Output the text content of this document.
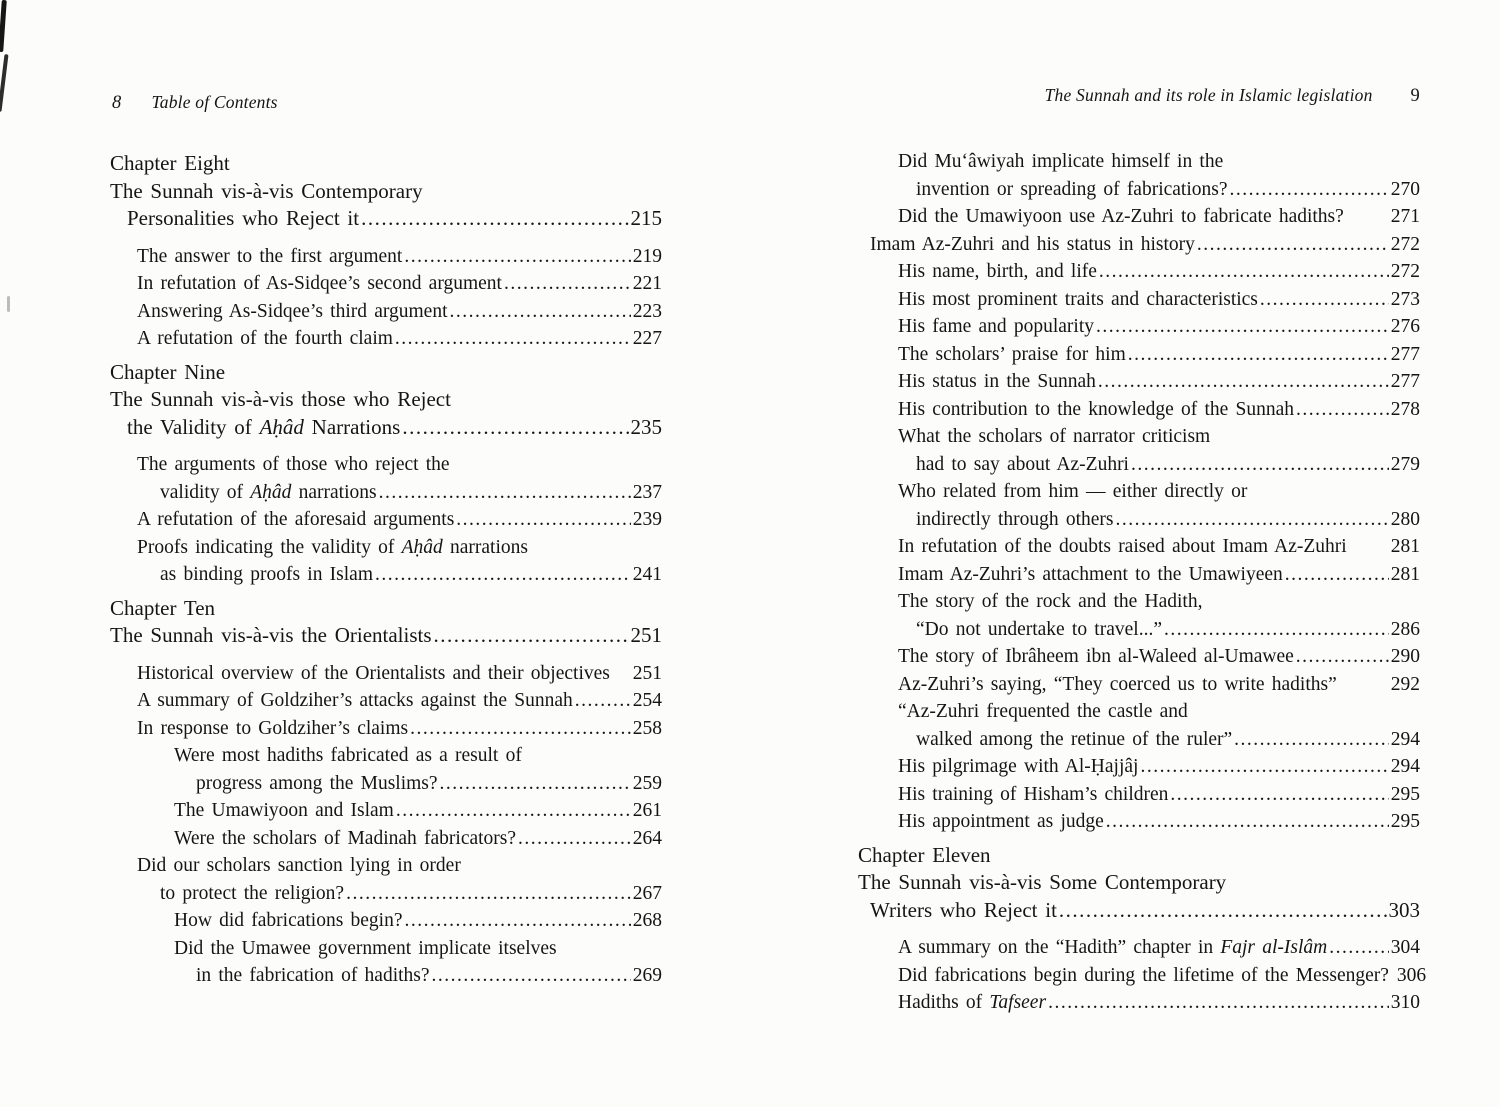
8 Table of Contents	The Sunnah and its role in Islamic legislation 9
Chapter Eight
The Sunnah vis-à-vis Contemporary
Personalities who Reject it .....	215
The answer to the first argument .....	219
In refutation of As-Sidqee’s second argument .....	221
Answering As-Sidqee’s third argument .....	223
A refutation of the fourth claim .....	227
Chapter Nine
The Sunnah vis-à-vis those who Reject
the Validity of Aḥâd Narrations .....	235
The arguments of those who reject the
validity of Aḥâd narrations .....	237
A refutation of the aforesaid arguments .....	239
Proofs indicating the validity of Aḥâd narrations
as binding proofs in Islam .....	241
Chapter Ten
The Sunnah vis-à-vis the Orientalists .....	251
Historical overview of the Orientalists and their objectives 251
A summary of Goldziher’s attacks against the Sunnah .....	254
In response to Goldziher’s claims .....	258
Were most hadiths fabricated as a result of
progress among the Muslims? .....	259
The Umawiyoon and Islam .....	261
Were the scholars of Madinah fabricators? .....	264
Did our scholars sanction lying in order
to protect the religion? .....	267
How did fabrications begin? .....	268
Did the Umawee government implicate itselves
in the fabrication of hadiths? .....	269
Did Mu‘âwiyah implicate himself in the
invention or spreading of fabrications? .....	270
Did the Umawiyoon use Az-Zuhri to fabricate hadiths? 271
Imam Az-Zuhri and his status in history .....	272
His name, birth, and life .....	272
His most prominent traits and characteristics .....	273
His fame and popularity .....	276
The scholars’ praise for him .....	277
His status in the Sunnah .....	277
His contribution to the knowledge of the Sunnah .....	278
What the scholars of narrator criticism
had to say about Az-Zuhri .....	279
Who related from him — either directly or
indirectly through others .....	280
In refutation of the doubts raised about Imam Az-Zuhri 281
Imam Az-Zuhri’s attachment to the Umawiyeen .....	281
The story of the rock and the Hadith,
“Do not undertake to travel...” .....	286
The story of Ibrâheem ibn al-Waleed al-Umawee .....	290
Az-Zuhri’s saying, “They coerced us to write hadiths”	292
“Az-Zuhri frequented the castle and
walked among the retinue of the ruler” .....	294
His pilgrimage with Al-Ḥajjâj .....	294
His training of Hisham’s children .....	295
His appointment as judge .....	295
Chapter Eleven
The Sunnah vis-à-vis Some Contemporary
Writers who Reject it .....	303
A summary on the “Hadith” chapter in Fajr al-Islâm .....	304
Did fabrications begin during the lifetime of the Messenger? 306
Hadiths of Tafseer .....	310
